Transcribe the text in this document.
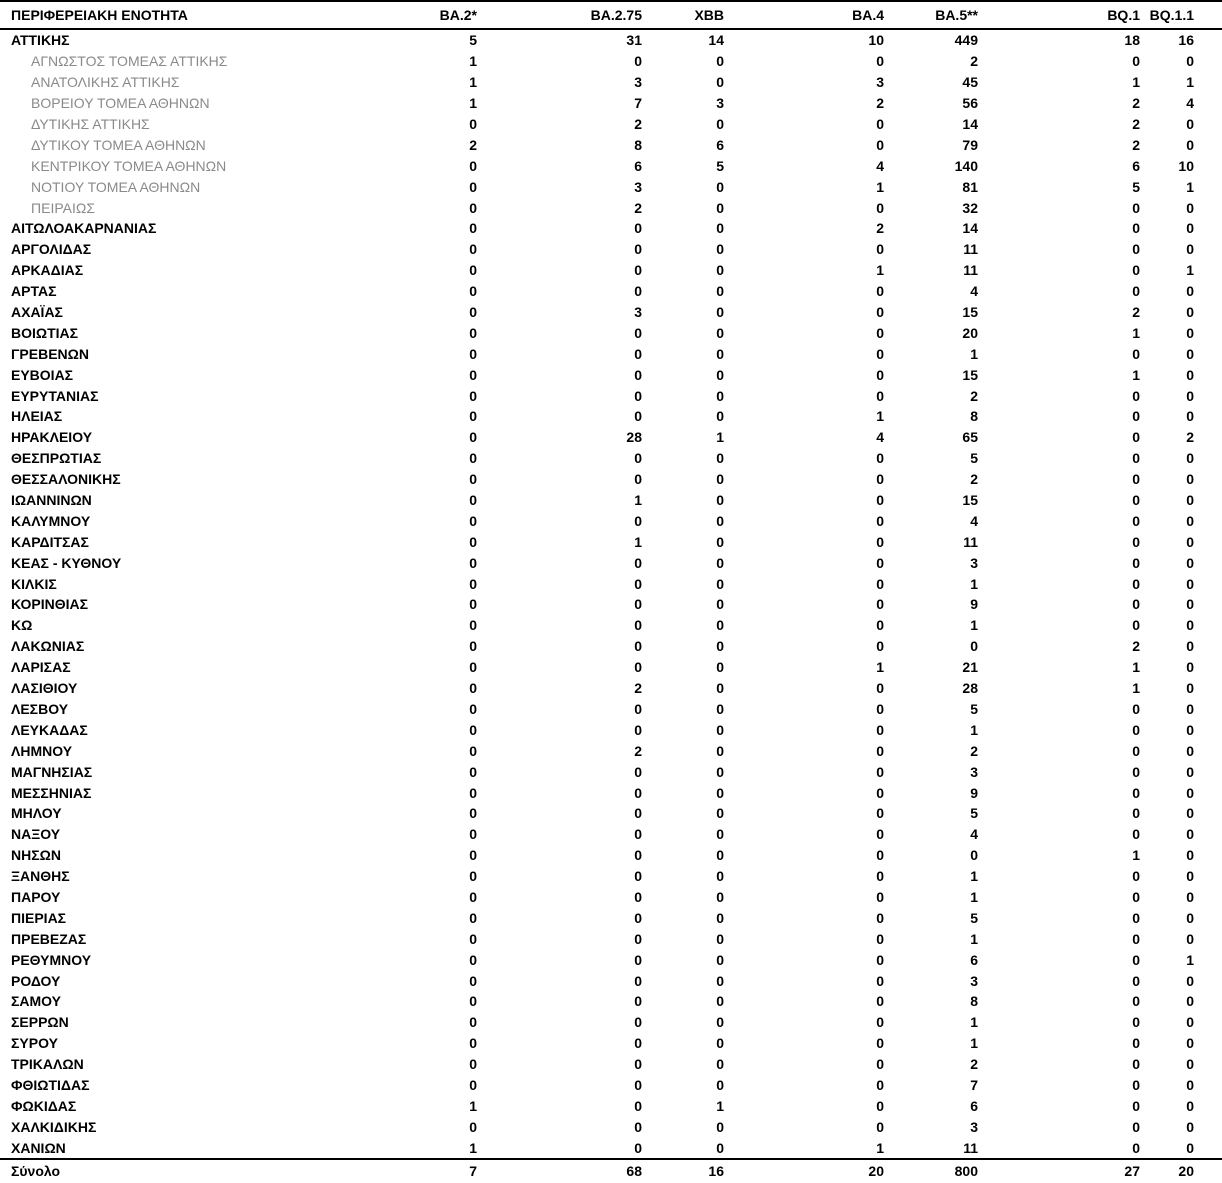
ΠΕΡΙΦΕΡΕΙΑΚΗ ΕΝΟΤΗΤΑ	BA.2*	BA.2.75	XBB	BA.4	BA.5**	BQ.1	BQ.1.1
ΑΤΤΙΚΗΣ	5	31	14	10	449	18	16
ΑΓΝΩΣΤΟΣ ΤΟΜΕΑΣ ΑΤΤΙΚΗΣ	1	0	0	0	2	0	0
ΑΝΑΤΟΛΙΚΗΣ ΑΤΤΙΚΗΣ	1	3	0	3	45	1	1
ΒΟΡΕΙΟΥ ΤΟΜΕΑ ΑΘΗΝΩΝ	1	7	3	2	56	2	4
ΔΥΤΙΚΗΣ ΑΤΤΙΚΗΣ	0	2	0	0	14	2	0
ΔΥΤΙΚΟΥ ΤΟΜΕΑ ΑΘΗΝΩΝ	2	8	6	0	79	2	0
ΚΕΝΤΡΙΚΟΥ ΤΟΜΕΑ ΑΘΗΝΩΝ	0	6	5	4	140	6	10
ΝΟΤΙΟΥ ΤΟΜΕΑ ΑΘΗΝΩΝ	0	3	0	1	81	5	1
ΠΕΙΡΑΙΩΣ	0	2	0	0	32	0	0
ΑΙΤΩΛΟΑΚΑΡΝΑΝΙΑΣ	0	0	0	2	14	0	0
ΑΡΓΟΛΙΔΑΣ	0	0	0	0	11	0	0
ΑΡΚΑΔΙΑΣ	0	0	0	1	11	0	1
ΑΡΤΑΣ	0	0	0	0	4	0	0
ΑΧΑΪΑΣ	0	3	0	0	15	2	0
ΒΟΙΩΤΙΑΣ	0	0	0	0	20	1	0
ΓΡΕΒΕΝΩΝ	0	0	0	0	1	0	0
ΕΥΒΟΙΑΣ	0	0	0	0	15	1	0
ΕΥΡΥΤΑΝΙΑΣ	0	0	0	0	2	0	0
ΗΛΕΙΑΣ	0	0	0	1	8	0	0
ΗΡΑΚΛΕΙΟΥ	0	28	1	4	65	0	2
ΘΕΣΠΡΩΤΙΑΣ	0	0	0	0	5	0	0
ΘΕΣΣΑΛΟΝΙΚΗΣ	0	0	0	0	2	0	0
ΙΩΑΝΝΙΝΩΝ	0	1	0	0	15	0	0
ΚΑΛΥΜΝΟΥ	0	0	0	0	4	0	0
ΚΑΡΔΙΤΣΑΣ	0	1	0	0	11	0	0
ΚΕΑΣ - ΚΥΘΝΟΥ	0	0	0	0	3	0	0
ΚΙΛΚΙΣ	0	0	0	0	1	0	0
ΚΟΡΙΝΘΙΑΣ	0	0	0	0	9	0	0
ΚΩ	0	0	0	0	1	0	0
ΛΑΚΩΝΙΑΣ	0	0	0	0	0	2	0
ΛΑΡΙΣΑΣ	0	0	0	1	21	1	0
ΛΑΣΙΘΙΟΥ	0	2	0	0	28	1	0
ΛΕΣΒΟΥ	0	0	0	0	5	0	0
ΛΕΥΚΑΔΑΣ	0	0	0	0	1	0	0
ΛΗΜΝΟΥ	0	2	0	0	2	0	0
ΜΑΓΝΗΣΙΑΣ	0	0	0	0	3	0	0
ΜΕΣΣΗΝΙΑΣ	0	0	0	0	9	0	0
ΜΗΛΟΥ	0	0	0	0	5	0	0
ΝΑΞΟΥ	0	0	0	0	4	0	0
ΝΗΣΩΝ	0	0	0	0	0	1	0
ΞΑΝΘΗΣ	0	0	0	0	1	0	0
ΠΑΡΟΥ	0	0	0	0	1	0	0
ΠΙΕΡΙΑΣ	0	0	0	0	5	0	0
ΠΡΕΒΕΖΑΣ	0	0	0	0	1	0	0
ΡΕΘΥΜΝΟΥ	0	0	0	0	6	0	1
ΡΟΔΟΥ	0	0	0	0	3	0	0
ΣΑΜΟΥ	0	0	0	0	8	0	0
ΣΕΡΡΩΝ	0	0	0	0	1	0	0
ΣΥΡΟΥ	0	0	0	0	1	0	0
ΤΡΙΚΑΛΩΝ	0	0	0	0	2	0	0
ΦΘΙΩΤΙΔΑΣ	0	0	0	0	7	0	0
ΦΩΚΙΔΑΣ	1	0	1	0	6	0	0
ΧΑΛΚΙΔΙΚΗΣ	0	0	0	0	3	0	0
ΧΑΝΙΩΝ	1	0	0	1	11	0	0
Σύνολο	7	68	16	20	800	27	20
